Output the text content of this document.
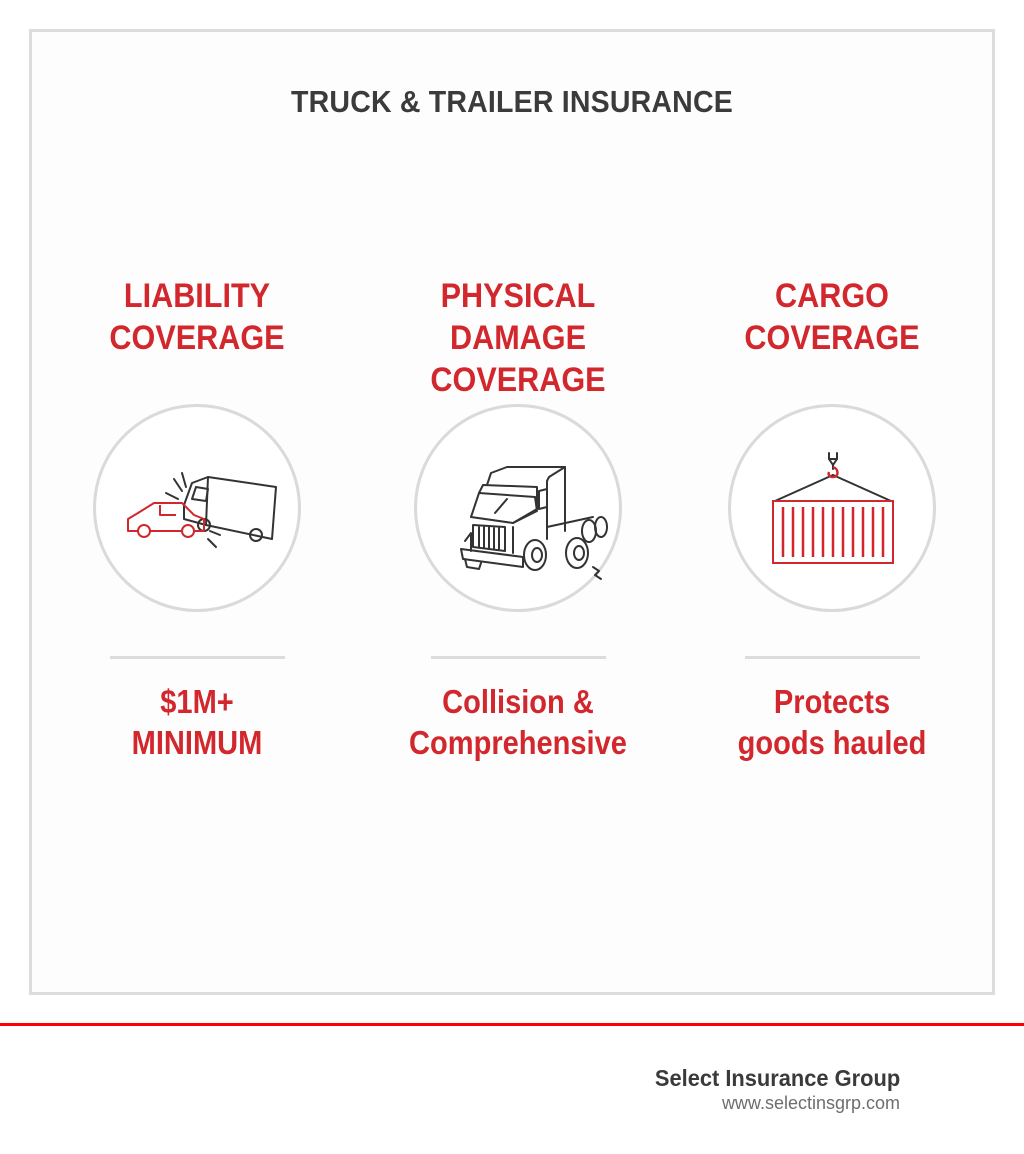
TRUCK & TRAILER INSURANCE
LIABILITY
COVERAGE
$1M+
MINIMUM
PHYSICAL DAMAGE
COVERAGE
Collision &
Comprehensive
CARGO
COVERAGE
Protects
goods hauled
Select Insurance Group
www.selectinsgrp.com
